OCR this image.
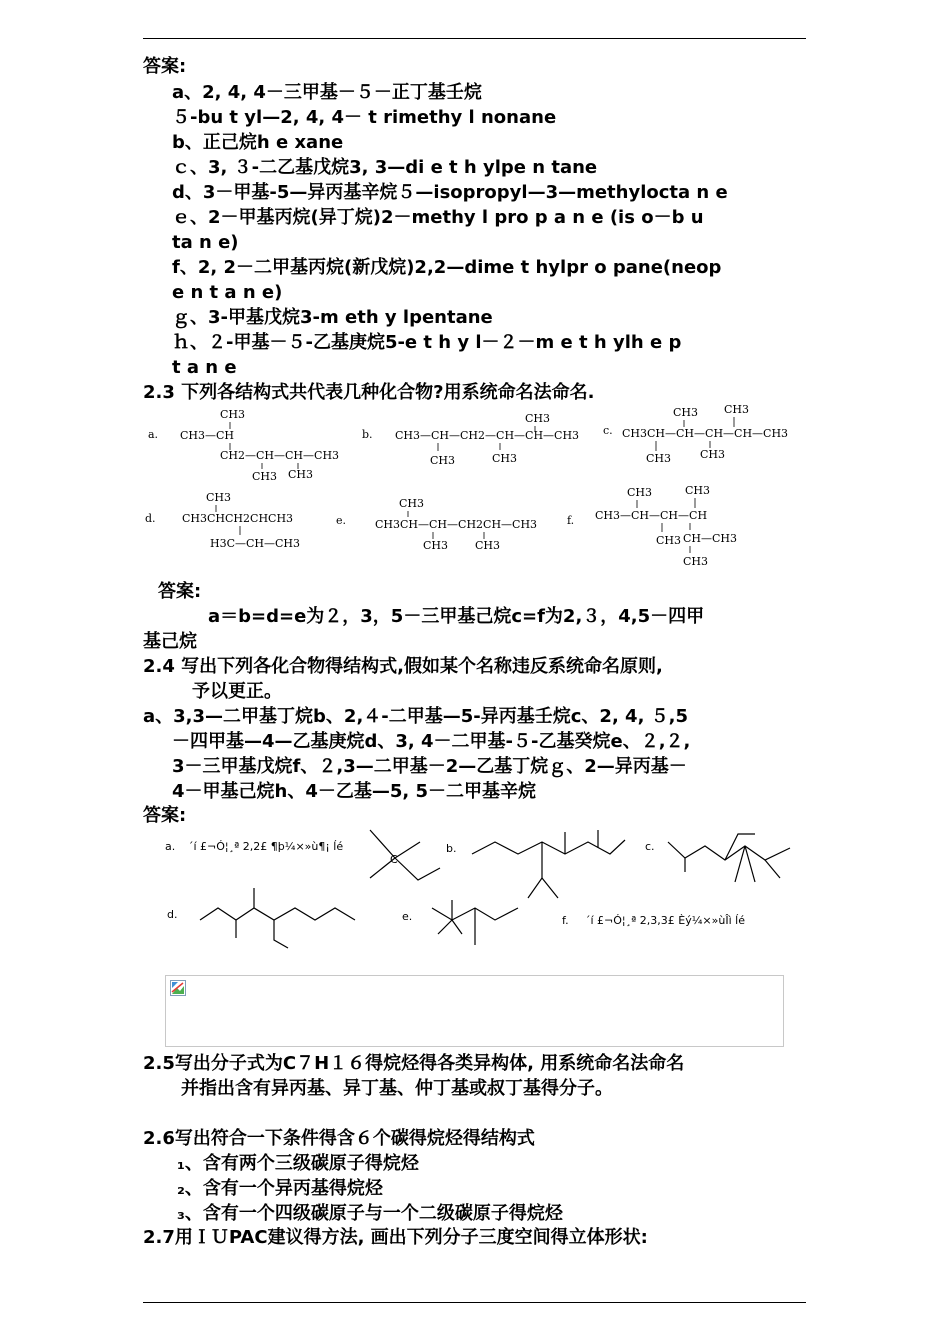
答案:
a、2, 4, 4－三甲基－５－正丁基壬烷
５-bu t yl—2, 4, 4－ t rimethy l nonane
b、正己烷h e xane
ｃ、3, ３-二乙基戊烷3, 3—di e t h ylpe n tane
d、3－甲基-5—异丙基辛烷５—isopropyl—3—methylocta n e
ｅ、2－甲基丙烷(异丁烷)2－methy l pro p a n e (is o－b u
ta n e)
f、2, 2－二甲基丙烷(新戊烷)2,2—dime t hylpr o pane(neop
e n t a n e)
ｇ、3-甲基戊烷3-m eth y lpentane
ｈ、２-甲基－５-乙基庚烷5-e t h y l－２－m e t h ylh e p
t a n e
2.3 下列各结构式共代表几种化合物?用系统命名法命名.
a.
CH3
CH3—CH
CH2—CH—CH—CH3
CH3 CH3
b.
CH3
CH3—CH—CH2—CH—CH—CH3
CH3	CH3
c.
CH3 CH3
CH3CH—CH—CH—CH—CH3
CH3	CH3
d.
CH3
CH3CHCH2CHCH3
H3C—CH—CH3
e.
CH3
CH3CH—CH—CH2CH—CH3
CH3 CH3
f.
CH3	CH3
CH3—CH—CH—CH
CH3 CH—CH3
CH3
答案:
a＝b=d=e为２，3，5－三甲基己烷c=f为2,３，4,5－四甲
基己烷
2.4 写出下列各化合物得结构式,假如某个名称违反系统命名原则,
予以更正。
a、3,3—二甲基丁烷b、2,４-二甲基—5-异丙基壬烷c、2, 4, ５,5
－四甲基—4—乙基庚烷d、3, 4－二甲基-５-乙基癸烷e、２,２,
3－三甲基戊烷f、２,3—二甲基－2—乙基丁烷ｇ、2—异丙基－
4－甲基己烷h、4－乙基—5, 5－二甲基辛烷
答案:
a. ´í £¬Ó¦¸ª 2,2£ ¶þ¼×»ù¶¡ ĺé
C
b.	c.
d.	e.	f. ´í £¬Ó¦¸ª 2,3,3£ Èý¼×»ùÎì ĺé
2.5写出分子式为C７H１６得烷烃得各类异构体, 用系统命名法命名
并指出含有异丙基、异丁基、仲丁基或叔丁基得分子。
2.6写出符合一下条件得含６个碳得烷烃得结构式
₁、含有两个三级碳原子得烷烃
₂、含有一个异丙基得烷烃
₃、含有一个四级碳原子与一个二级碳原子得烷烃
2.7用ＩＵPAC建议得方法, 画出下列分子三度空间得立体形状:
